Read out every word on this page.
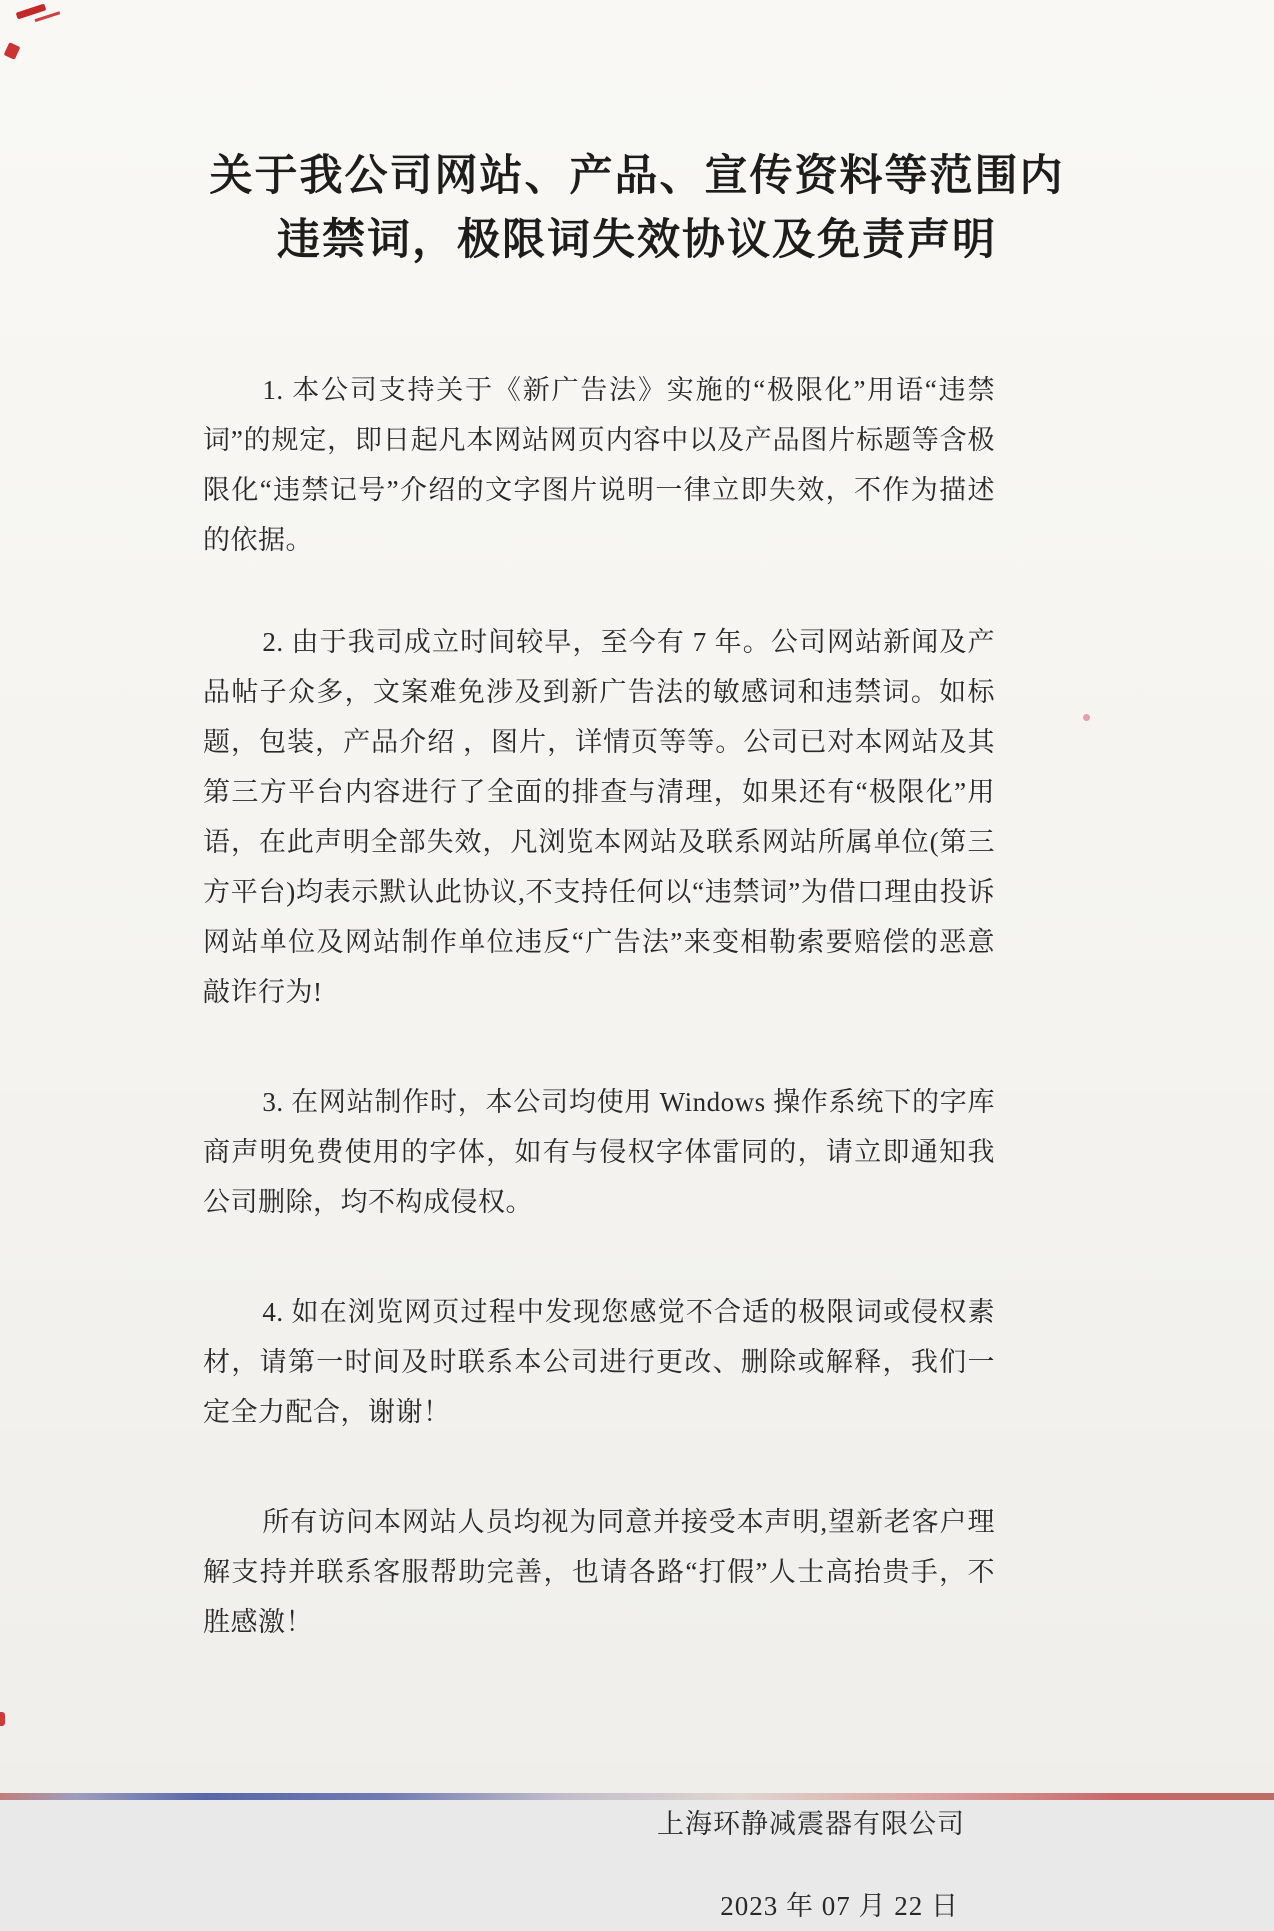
关于我公司网站、产品、宣传资料等范围内
违禁词，极限词失效协议及免责声明

1. 本公司支持关于《新广告法》实施的“极限化”用语“违禁词”的规定，即日起凡本网站网页内容中以及产品图片标题等含极限化“违禁记号”介绍的文字图片说明一律立即失效，不作为描述的依据。

2. 由于我司成立时间较早，至今有 7 年。公司网站新闻及产品帖子众多，文案难免涉及到新广告法的敏感词和违禁词。如标题，包装，产品介绍 ，图片，详情页等等。公司已对本网站及其第三方平台内容进行了全面的排查与清理，如果还有“极限化”用语，在此声明全部失效，凡浏览本网站及联系网站所属单位(第三方平台)均表示默认此协议,不支持任何以“违禁词”为借口理由投诉网站单位及网站制作单位违反“广告法”来变相勒索要赔偿的恶意敲诈行为!

3. 在网站制作时，本公司均使用 Windows 操作系统下的字库商声明免费使用的字体，如有与侵权字体雷同的，请立即通知我公司删除，均不构成侵权。

4. 如在浏览网页过程中发现您感觉不合适的极限词或侵权素材，请第一时间及时联系本公司进行更改、删除或解释，我们一定全力配合，谢谢！

所有访问本网站人员均视为同意并接受本声明,望新老客户理解支持并联系客服帮助完善，也请各路“打假”人士高抬贵手，不胜感激！

上海环静减震器有限公司
2023 年 07 月 22 日
